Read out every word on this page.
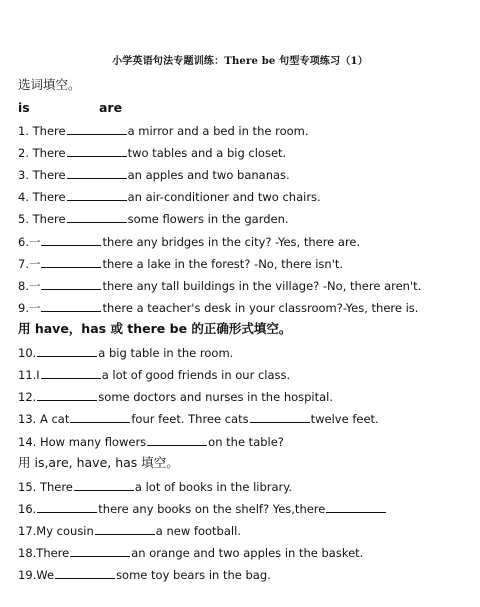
小学英语句法专题训练：There be 句型专项练习（1）
选词填空。
is	are
1. There	a mirror and a bed in the room.
2. There	two tables and a big closet.
3. There	an apples and two bananas.
4. There	an air-conditioner and two chairs.
5. There	some flowers in the garden.
6.一	there any bridges in the city? -Yes, there are.
7.一	there a lake in the forest? -No, there isn't.
8.一	there any tall buildings in the village? -No, there aren't.
9.一	there a teacher's desk in your classroom?-Yes, there is.
用 have，has 或 there be 的正确形式填空。
10.	a big table in the room.
11.I	a lot of good friends in our class.
12.	some doctors and nurses in the hospital.
13. A cat	four feet. Three cats	twelve feet.
14. How many flowers	on the table?
用 is,are, have, has 填空。
15. There	a lot of books in the library.
16.	there any books on the shelf? Yes,there
17.My cousin	a new football.
18.There	an orange and two apples in the basket.
19.We	some toy bears in the bag.
